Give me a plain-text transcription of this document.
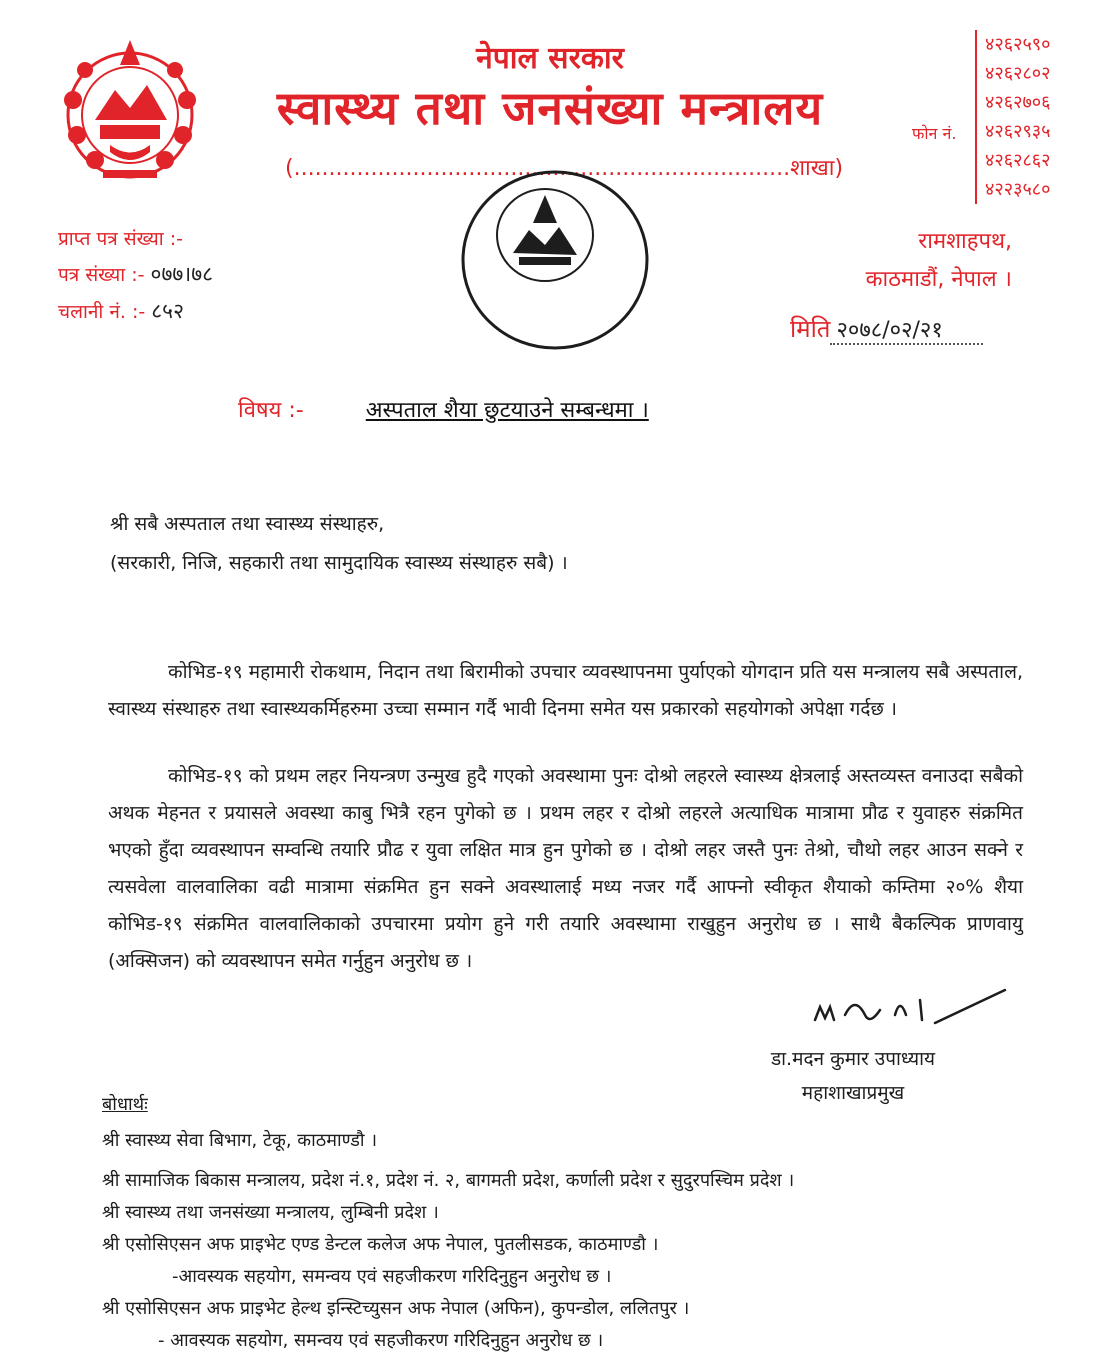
नेपाल सरकार
स्वास्थ्य तथा जनसंख्या मन्त्रालय
(.......................................................................शाखा)
फोन नं.
४२६२५९०
४२६२८०२
४२६२७०६
४२६२९३५
४२६२८६२
४२२३५८०
रामशाहपथ,
काठमाडौं, नेपाल ।
प्राप्त पत्र संख्या :-
पत्र संख्या :- ०७७।७८
चलानी नं. :- ८५२
मिति २०७८/०२/२१
विषय :-	अस्पताल शैया छुटयाउने सम्बन्धमा ।
श्री सबै अस्पताल तथा स्वास्थ्य संस्थाहरु,
(सरकारी, निजि, सहकारी तथा सामुदायिक स्वास्थ्य संस्थाहरु सबै) ।
कोभिड-१९ महामारी रोकथाम, निदान तथा बिरामीको उपचार व्यवस्थापनमा पुर्याएको योगदान प्रति यस मन्त्रालय सबै अस्पताल, स्वास्थ्य संस्थाहरु तथा स्वास्थ्यकर्मिहरुमा उच्चा सम्मान गर्दै भावी दिनमा समेत यस प्रकारको सहयोगको अपेक्षा गर्दछ ।
कोभिड-१९ को प्रथम लहर नियन्त्रण उन्मुख हुदै गएको अवस्थामा पुनः दोश्रो लहरले स्वास्थ्य क्षेत्रलाई अस्तव्यस्त वनाउदा सबैको अथक मेहनत र प्रयासले अवस्था काबु भित्रै रहन पुगेको छ । प्रथम लहर र दोश्रो लहरले अत्याधिक मात्रामा प्रौढ र युवाहरु संक्रमित भएको हुँदा व्यवस्थापन सम्वन्धि तयारि प्रौढ र युवा लक्षित मात्र हुन पुगेको छ । दोश्रो लहर जस्तै पुनः तेश्रो, चौथो लहर आउन सक्ने र त्यसवेला वालवालिका वढी मात्रामा संक्रमित हुन सक्ने अवस्थालाई मध्य नजर गर्दै आफ्नो स्वीकृत शैयाको कम्तिमा २०% शैया कोभिड-१९ संक्रमित वालवालिकाको उपचारमा प्रयोग हुने गरी तयारि अवस्थामा राखुहुन अनुरोध छ । साथै बैकल्पिक प्राणवायु (अक्सिजन) को व्यवस्थापन समेत गर्नुहुन अनुरोध छ ।
डा.मदन कुमार उपाध्याय
महाशाखाप्रमुख
बोधार्थः
श्री स्वास्थ्य सेवा बिभाग, टेकू, काठमाण्डौ ।
श्री सामाजिक बिकास मन्त्रालय, प्रदेश नं.१, प्रदेश नं. २, बागमती प्रदेश, कर्णाली प्रदेश र सुदुरपस्चिम प्रदेश ।
श्री स्वास्थ्य तथा जनसंख्या मन्त्रालय, लुम्बिनी प्रदेश ।
श्री एसोसिएसन अफ प्राइभेट एण्ड डेन्टल कलेज अफ नेपाल, पुतलीसडक, काठमाण्डौ ।
-आवस्यक सहयोग, समन्वय एवं सहजीकरण गरिदिनुहुन अनुरोध छ ।
श्री एसोसिएसन अफ प्राइभेट हेल्थ इन्स्टिच्युसन अफ नेपाल (अफिन), कुपन्डोल, ललितपुर ।
- आवस्यक सहयोग, समन्वय एवं सहजीकरण गरिदिनुहुन अनुरोध छ ।
